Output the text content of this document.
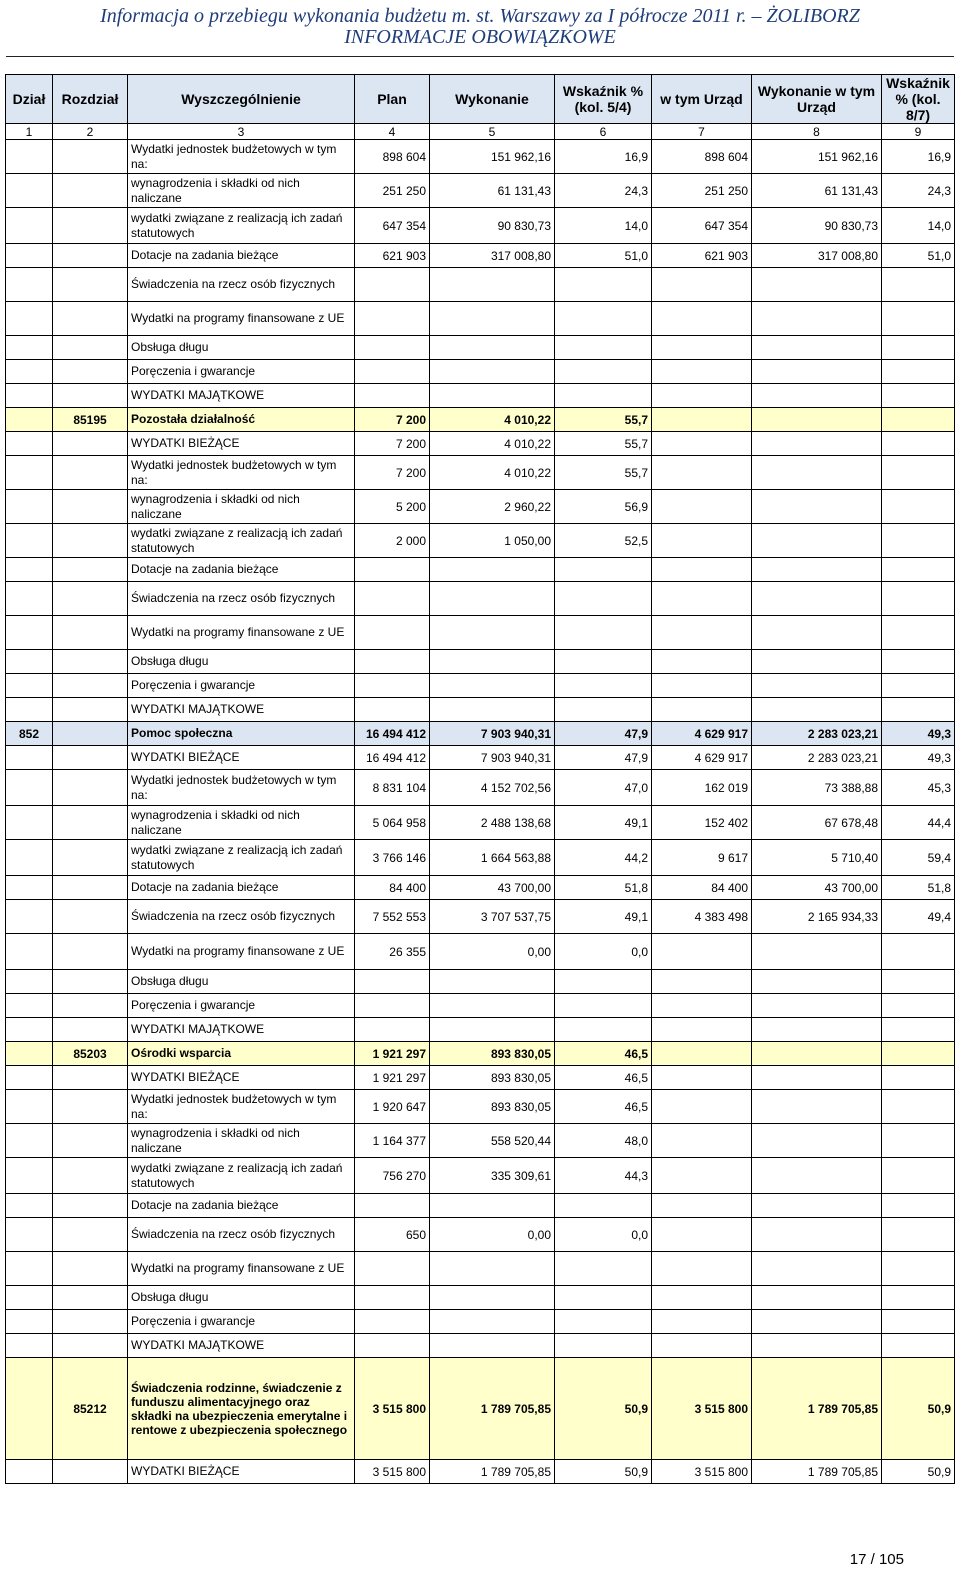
Informacja o przebiegu wykonania budżetu m. st. Warszawy za I półrocze 2011 r. – ŻOLIBORZ
INFORMACJE OBOWIĄZKOWE
Dział	Rozdział	Wyszczególnienie	Plan	Wykonanie	Wskaźnik % (kol. 5/4)	w tym Urząd	Wykonanie w tym Urząd	Wskaźnik % (kol. 8/7)
1	2	3	4	5	6	7	8	9
		Wydatki jednostek budżetowych w tym na:	898 604	151 962,16	16,9	898 604	151 962,16	16,9
		wynagrodzenia i składki od nich naliczane	251 250	61 131,43	24,3	251 250	61 131,43	24,3
		wydatki związane z realizacją ich zadań statutowych	647 354	90 830,73	14,0	647 354	90 830,73	14,0
		Dotacje na zadania bieżące	621 903	317 008,80	51,0	621 903	317 008,80	51,0
		Świadczenia na rzecz osób fizycznych						
		Wydatki na programy finansowane z UE						
		Obsługa długu						
		Poręczenia i gwarancje						
		WYDATKI MAJĄTKOWE						
	85195	Pozostała działalność	7 200	4 010,22	55,7			
		WYDATKI BIEŻĄCE	7 200	4 010,22	55,7			
		Wydatki jednostek budżetowych w tym na:	7 200	4 010,22	55,7			
		wynagrodzenia i składki od nich naliczane	5 200	2 960,22	56,9			
		wydatki związane z realizacją ich zadań statutowych	2 000	1 050,00	52,5			
		Dotacje na zadania bieżące						
		Świadczenia na rzecz osób fizycznych						
		Wydatki na programy finansowane z UE						
		Obsługa długu						
		Poręczenia i gwarancje						
		WYDATKI MAJĄTKOWE						
852		Pomoc społeczna	16 494 412	7 903 940,31	47,9	4 629 917	2 283 023,21	49,3
		WYDATKI BIEŻĄCE	16 494 412	7 903 940,31	47,9	4 629 917	2 283 023,21	49,3
		Wydatki jednostek budżetowych w tym na:	8 831 104	4 152 702,56	47,0	162 019	73 388,88	45,3
		wynagrodzenia i składki od nich naliczane	5 064 958	2 488 138,68	49,1	152 402	67 678,48	44,4
		wydatki związane z realizacją ich zadań statutowych	3 766 146	1 664 563,88	44,2	9 617	5 710,40	59,4
		Dotacje na zadania bieżące	84 400	43 700,00	51,8	84 400	43 700,00	51,8
		Świadczenia na rzecz osób fizycznych	7 552 553	3 707 537,75	49,1	4 383 498	2 165 934,33	49,4
		Wydatki na programy finansowane z UE	26 355	0,00	0,0			
		Obsługa długu						
		Poręczenia i gwarancje						
		WYDATKI MAJĄTKOWE						
	85203	Ośrodki wsparcia	1 921 297	893 830,05	46,5			
		WYDATKI BIEŻĄCE	1 921 297	893 830,05	46,5			
		Wydatki jednostek budżetowych w tym na:	1 920 647	893 830,05	46,5			
		wynagrodzenia i składki od nich naliczane	1 164 377	558 520,44	48,0			
		wydatki związane z realizacją ich zadań statutowych	756 270	335 309,61	44,3			
		Dotacje na zadania bieżące						
		Świadczenia na rzecz osób fizycznych	650	0,00	0,0			
		Wydatki na programy finansowane z UE						
		Obsługa długu						
		Poręczenia i gwarancje						
		WYDATKI MAJĄTKOWE						
	85212	Świadczenia rodzinne, świadczenie z funduszu alimentacyjnego oraz składki na ubezpieczenia emerytalne i rentowe z ubezpieczenia społecznego	3 515 800	1 789 705,85	50,9	3 515 800	1 789 705,85	50,9
		WYDATKI BIEŻĄCE	3 515 800	1 789 705,85	50,9	3 515 800	1 789 705,85	50,9
17 / 105
